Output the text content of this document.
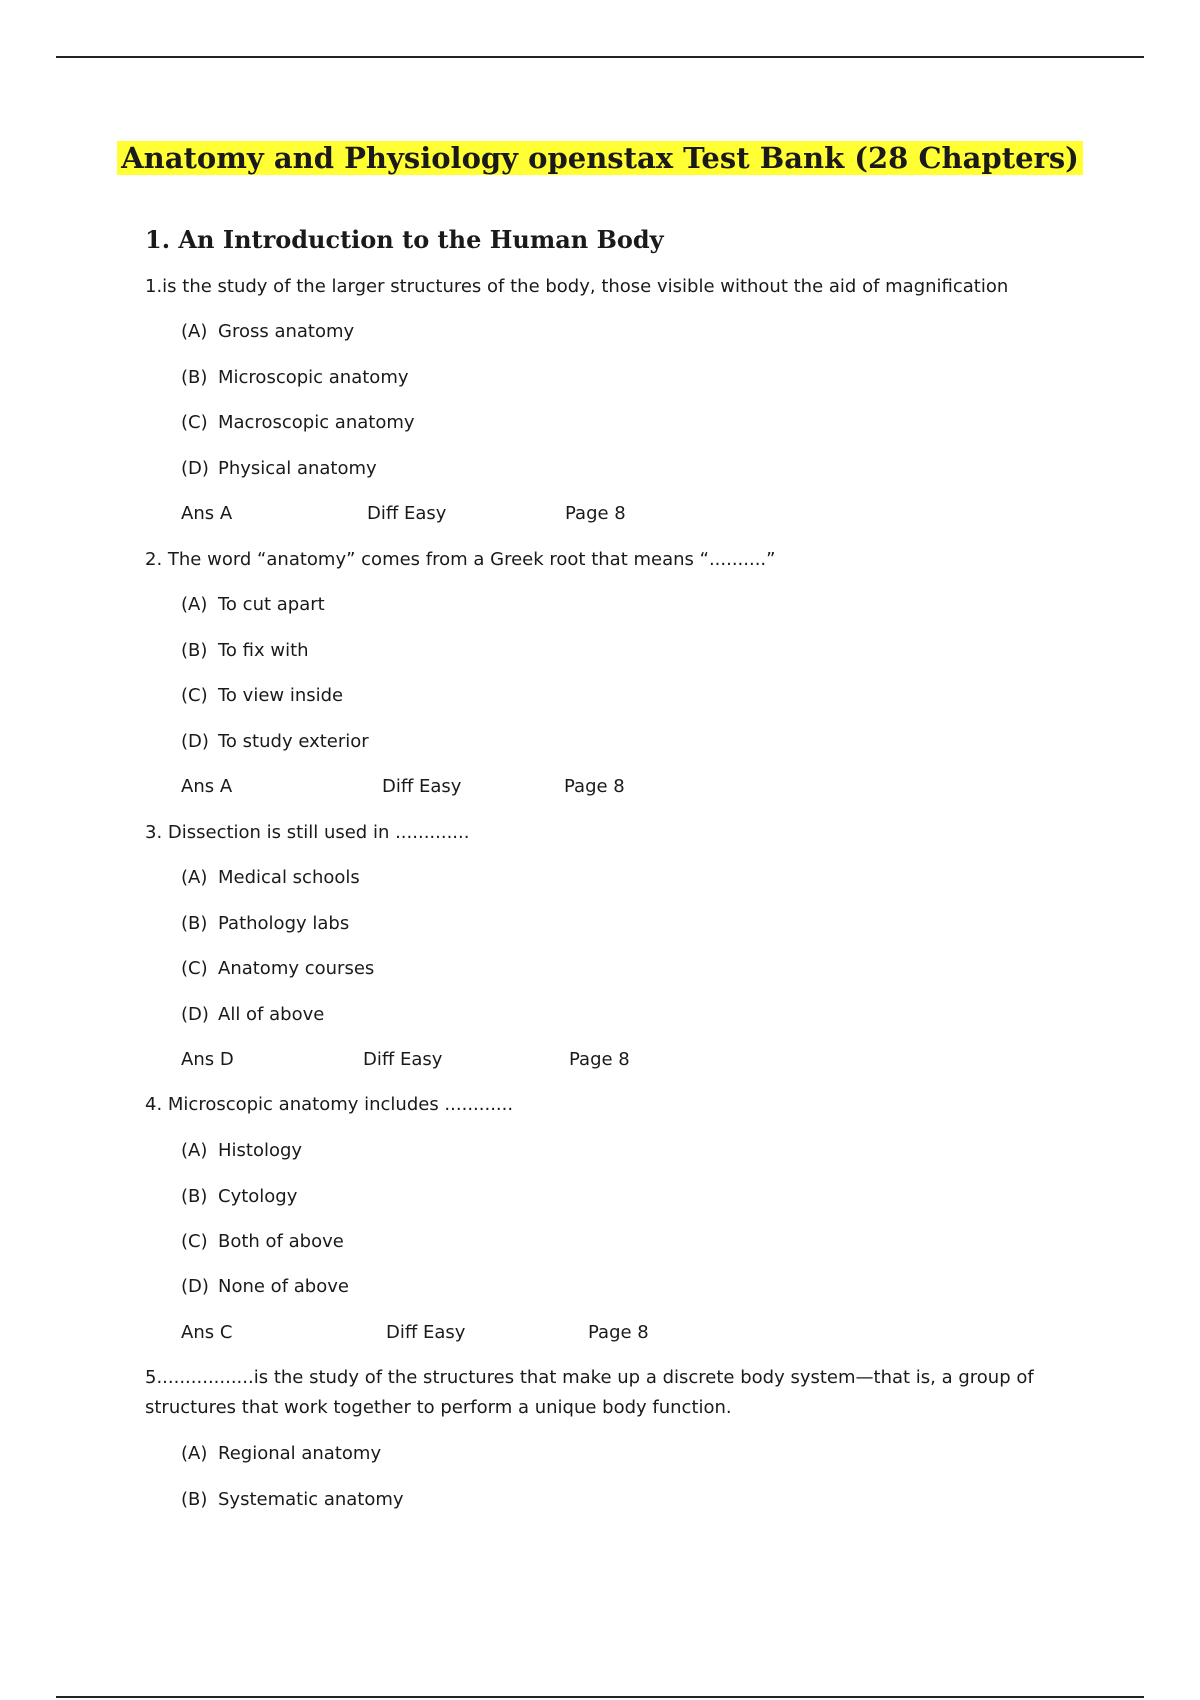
Anatomy and Physiology openstax Test Bank (28 Chapters)
1. An Introduction to the Human Body

1.is the study of the larger structures of the body, those visible without the aid of magnification

(A) Gross anatomy
(B) Microscopic anatomy
(C) Macroscopic anatomy
(D) Physical anatomy
Ans A	Diff Easy	Page 8

2. The word “anatomy” comes from a Greek root that means “..........”

(A) To cut apart
(B) To fix with
(C) To view inside
(D) To study exterior
Ans A	Diff Easy	Page 8

3. Dissection is still used in .............

(A) Medical schools
(B) Pathology labs
(C) Anatomy courses
(D) All of above
Ans D	Diff Easy	Page 8

4. Microscopic anatomy includes ............

(A) Histology
(B) Cytology
(C) Both of above
(D) None of above
Ans C	Diff Easy	Page 8

5.................is the study of the structures that make up a discrete body system—that is, a group of structures that work together to perform a unique body function.

(A) Regional anatomy
(B) Systematic anatomy
